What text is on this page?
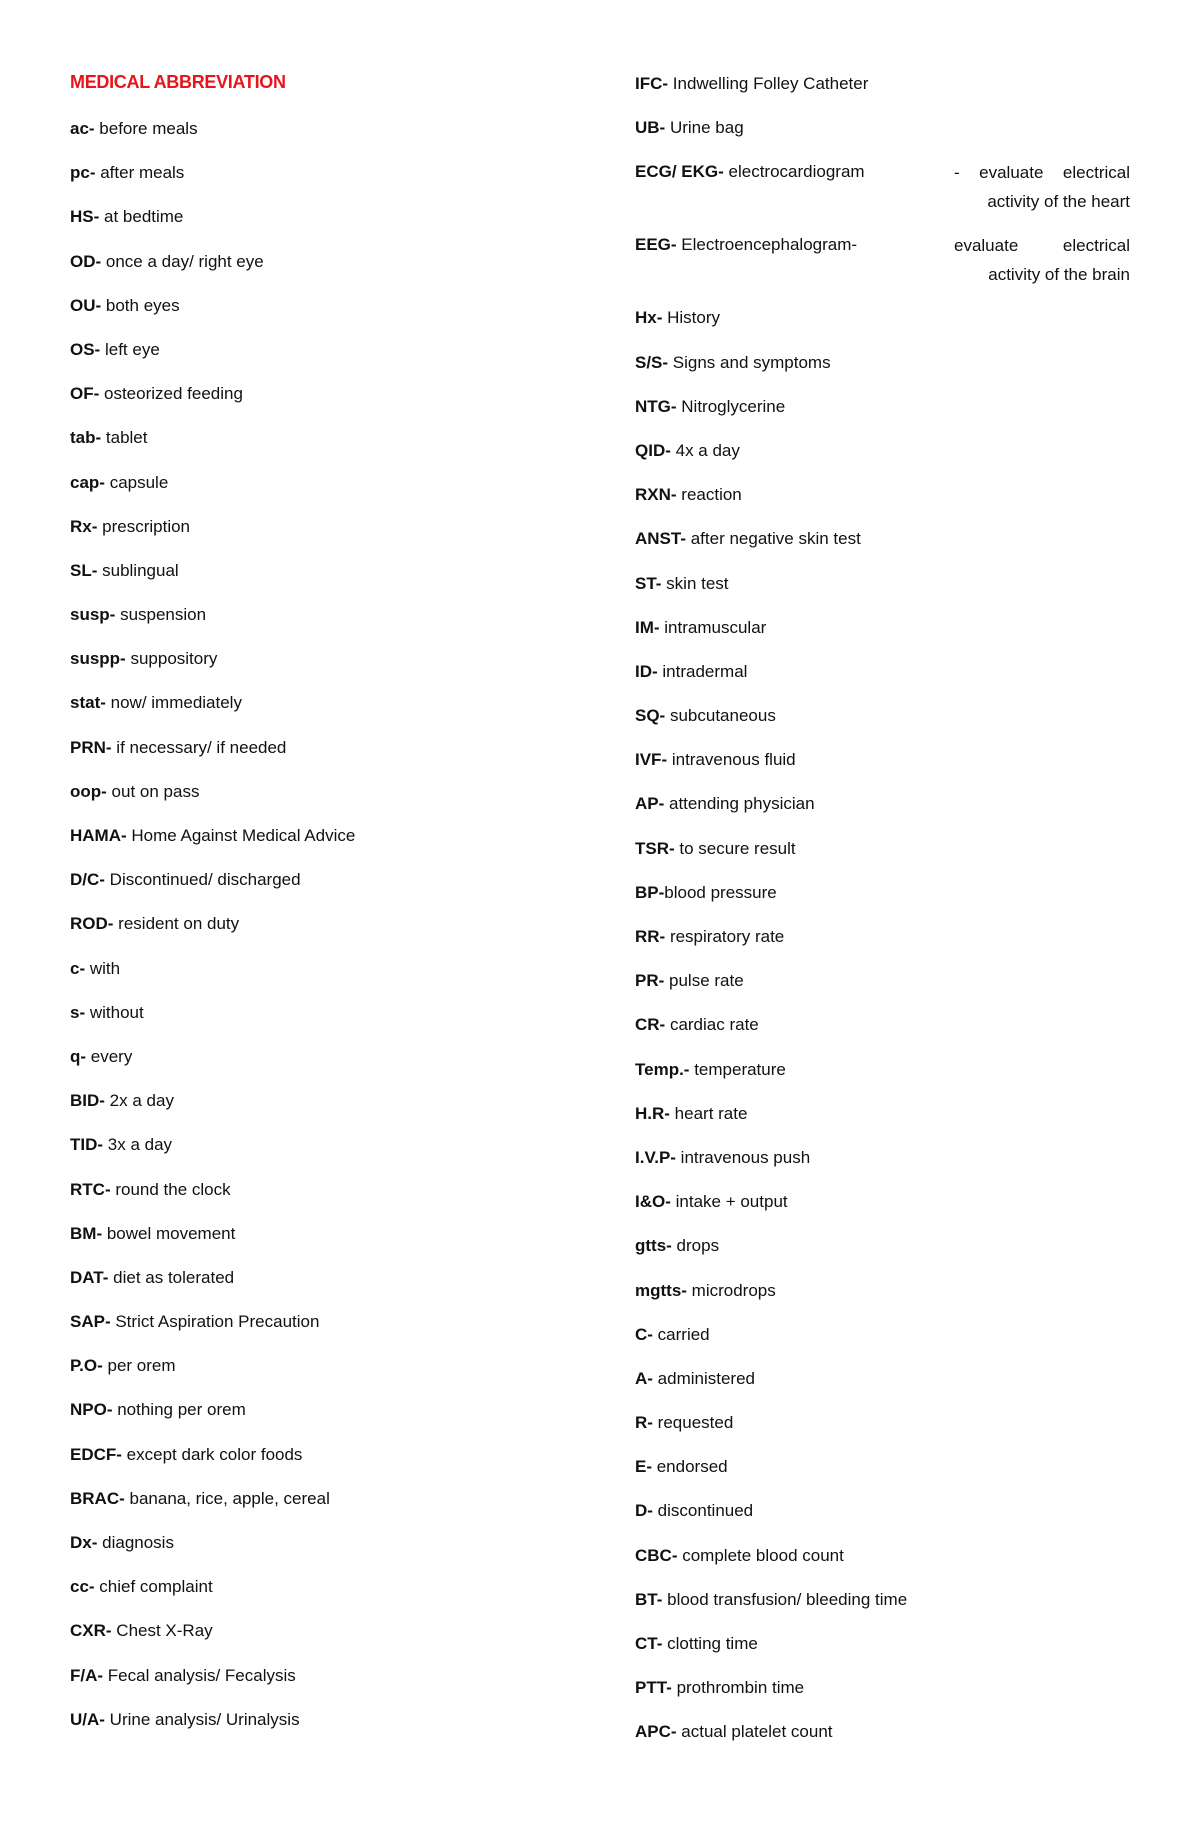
MEDICAL ABBREVIATION
ac- before meals
pc- after meals
HS- at bedtime
OD- once a day/ right eye
OU- both eyes
OS- left eye
OF- osteorized feeding
tab- tablet
cap- capsule
Rx- prescription
SL- sublingual
susp- suspension
suspp- suppository
stat- now/ immediately
PRN- if necessary/ if needed
oop- out on pass
HAMA- Home Against Medical Advice
D/C- Discontinued/ discharged
ROD- resident on duty
c- with
s- without
q- every
BID- 2x a day
TID- 3x a day
RTC- round the clock
BM- bowel movement
DAT- diet as tolerated
SAP- Strict Aspiration Precaution
P.O- per orem
NPO- nothing per orem
EDCF- except dark color foods
BRAC- banana, rice, apple, cereal
Dx- diagnosis
cc- chief complaint
CXR- Chest X-Ray
F/A- Fecal analysis/ Fecalysis
U/A- Urine analysis/ Urinalysis
IFC- Indwelling Folley Catheter
UB- Urine bag
ECG/ EKG- electrocardiogram	- evaluate electrical activity of the heart
EEG- Electroencephalogram-	evaluate electrical activity of the brain
Hx- History
S/S- Signs and symptoms
NTG- Nitroglycerine
QID- 4x a day
RXN- reaction
ANST- after negative skin test
ST- skin test
IM- intramuscular
ID- intradermal
SQ- subcutaneous
IVF- intravenous fluid
AP- attending physician
TSR- to secure result
BP-blood pressure
RR- respiratory rate
PR- pulse rate
CR- cardiac rate
Temp.- temperature
H.R- heart rate
I.V.P- intravenous push
I&O- intake + output
gtts- drops
mgtts- microdrops
C- carried
A- administered
R- requested
E- endorsed
D- discontinued
CBC- complete blood count
BT- blood transfusion/ bleeding time
CT- clotting time
PTT- prothrombin time
APC- actual platelet count
